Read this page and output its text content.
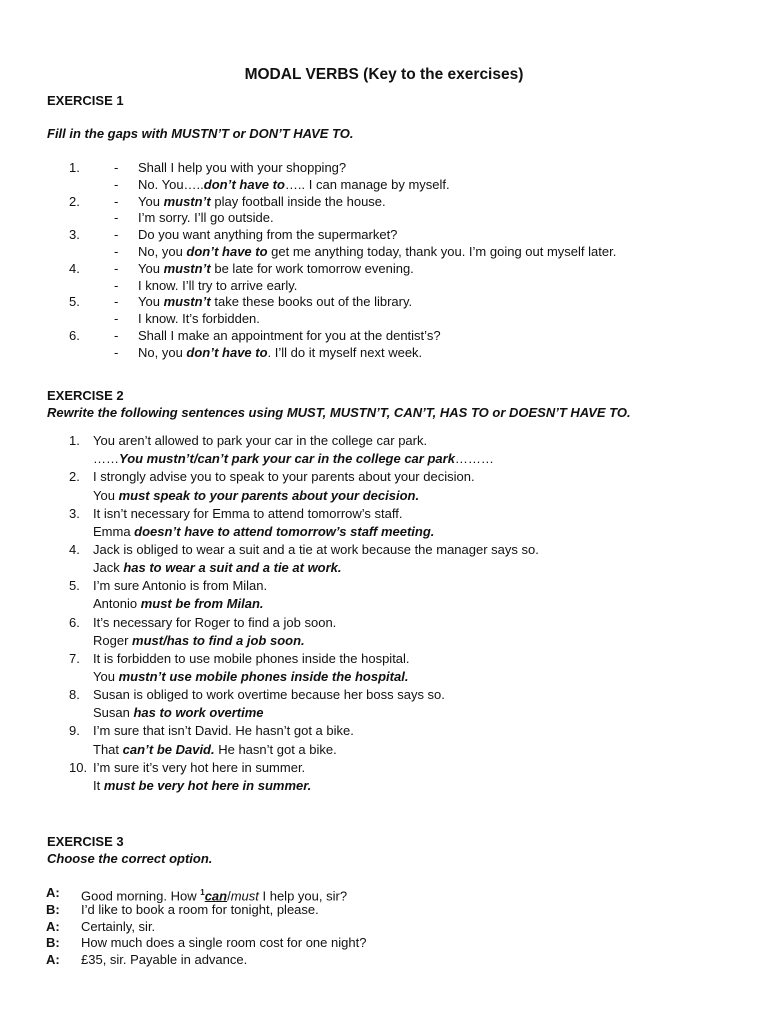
MODAL VERBS (Key to the exercises)
EXERCISE 1
Fill in the gaps with MUSTN’T or DON’T HAVE TO.
1.	- Shall I help you with your shopping?
- No. You…..don’t have to….. I can manage by myself.
2.	- You mustn’t play football inside the house.
- I’m sorry. I’ll go outside.
3.	- Do you want anything from the supermarket?
- No, you don’t have to get me anything today, thank you. I’m going out myself later.
4.	- You mustn’t be late for work tomorrow evening.
- I know. I’ll try to arrive early.
5.	- You mustn’t take these books out of the library.
- I know. It’s forbidden.
6.	- Shall I make an appointment for you at the dentist’s?
- No, you don’t have to. I’ll do it myself next week.
EXERCISE 2
Rewrite the following sentences using MUST, MUSTN’T, CAN’T, HAS TO or DOESN’T HAVE TO.
1. You aren’t allowed to park your car in the college car park.
……You mustn’t/can’t park your car in the college car park………
2. I strongly advise you to speak to your parents about your decision.
You must speak to your parents about your decision.
3. It isn’t necessary for Emma to attend tomorrow’s staff.
Emma doesn’t have to attend tomorrow’s staff meeting.
4. Jack is obliged to wear a suit and a tie at work because the manager says so.
Jack has to wear a suit and a tie at work.
5. I’m sure Antonio is from Milan.
Antonio must be from Milan.
6. It’s necessary for Roger to find a job soon.
Roger must/has to find a job soon.
7. It is forbidden to use mobile phones inside the hospital.
You mustn’t use mobile phones inside the hospital.
8. Susan is obliged to work overtime because her boss says so.
Susan has to work overtime
9. I’m sure that isn’t David. He hasn’t got a bike.
That can’t be David. He hasn’t got a bike.
10. I’m sure it’s very hot here in summer.
It must be very hot here in summer.
EXERCISE 3
Choose the correct option.
A: Good morning. How $^1$can/must I help you, sir?
B: I’d like to book a room for tonight, please.
A: Certainly, sir.
B: How much does a single room cost for one night?
A: £35, sir. Payable in advance.
